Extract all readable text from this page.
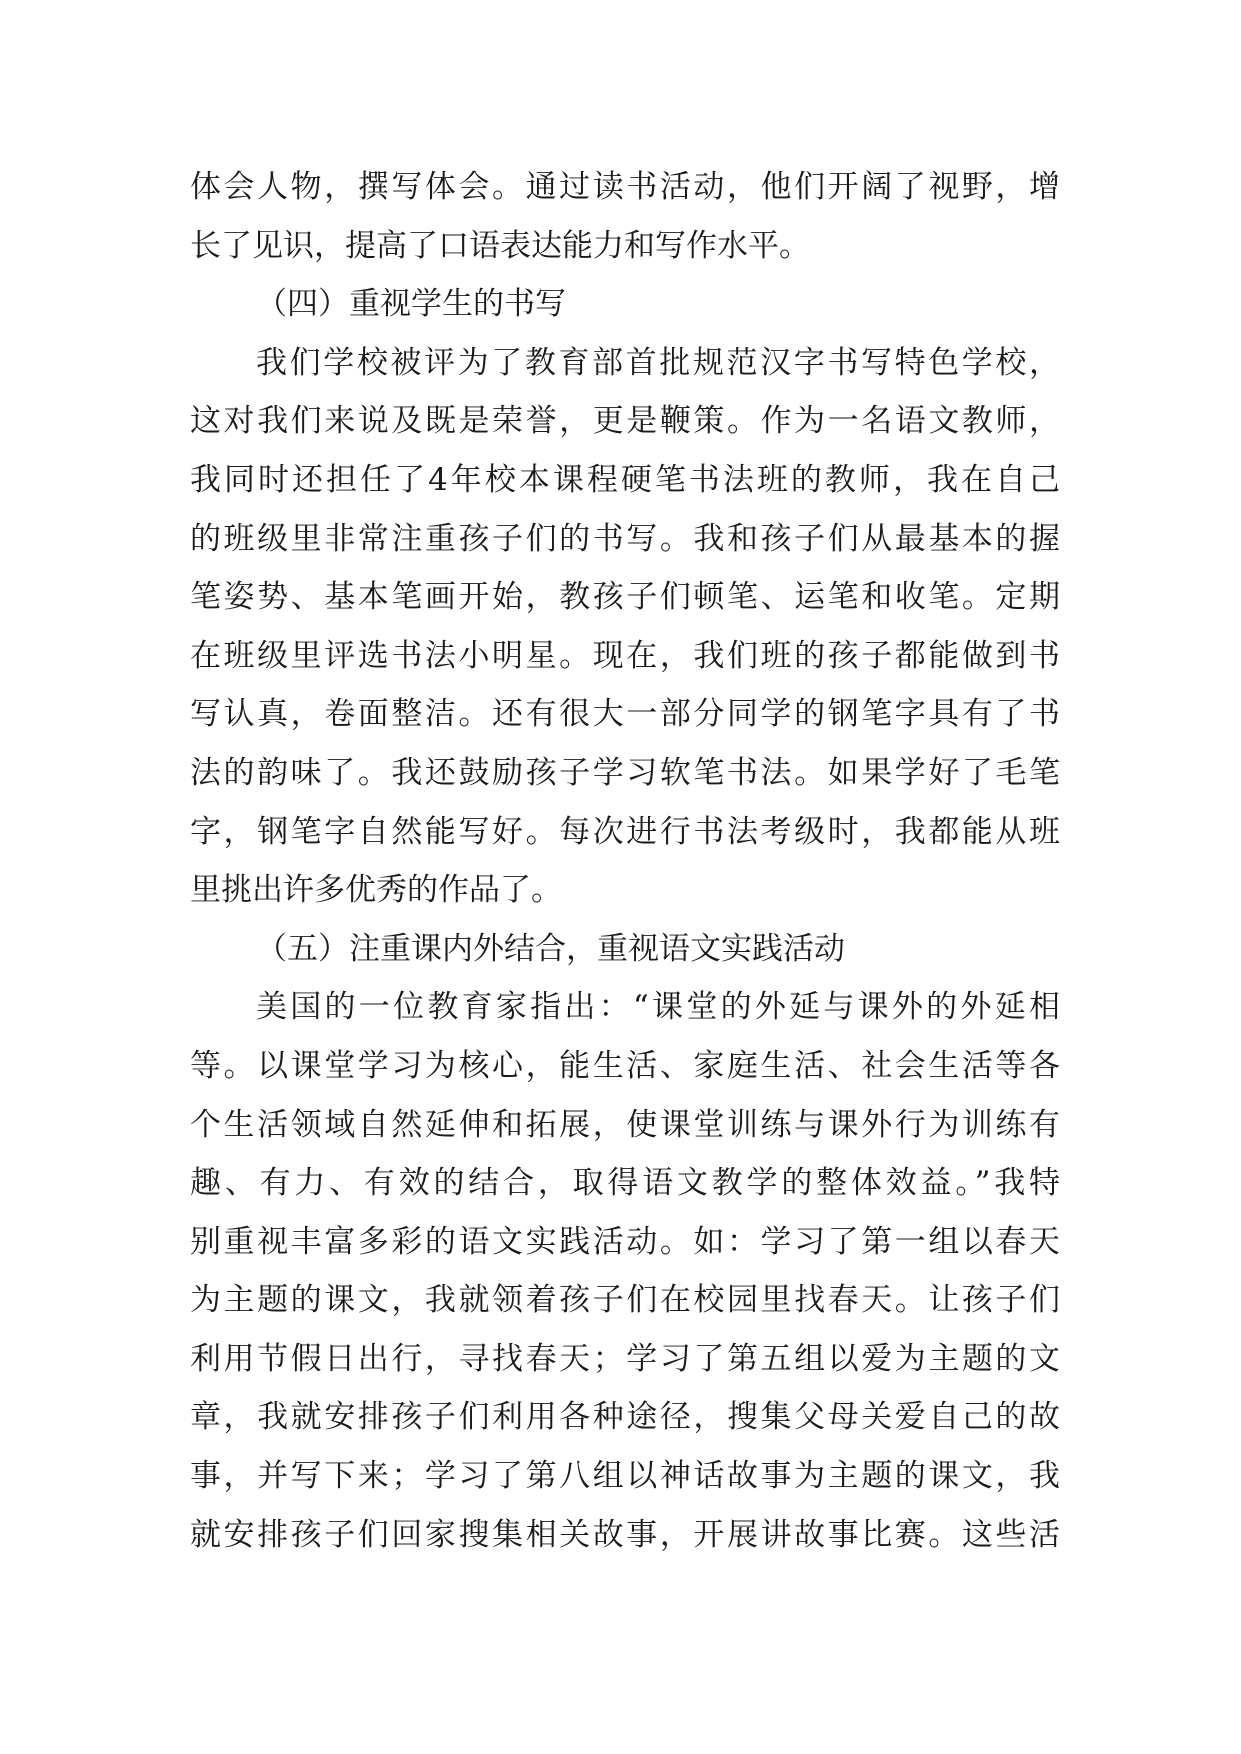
体会人物，撰写体会。通过读书活动，他们开阔了视野，增
长了见识，提高了口语表达能力和写作水平。
（四）重视学生的书写
我们学校被评为了教育部首批规范汉字书写特色学校，
这对我们来说及既是荣誉，更是鞭策。作为一名语文教师，
我同时还担任了4年校本课程硬笔书法班的教师，我在自己
的班级里非常注重孩子们的书写。我和孩子们从最基本的握
笔姿势、基本笔画开始，教孩子们顿笔、运笔和收笔。定期
在班级里评选书法小明星。现在，我们班的孩子都能做到书
写认真，卷面整洁。还有很大一部分同学的钢笔字具有了书
法的韵味了。我还鼓励孩子学习软笔书法。如果学好了毛笔
字，钢笔字自然能写好。每次进行书法考级时，我都能从班
里挑出许多优秀的作品了。
（五）注重课内外结合，重视语文实践活动
美国的一位教育家指出：“课堂的外延与课外的外延相
等。以课堂学习为核心，能生活、家庭生活、社会生活等各
个生活领域自然延伸和拓展，使课堂训练与课外行为训练有
趣、有力、有效的结合，取得语文教学的整体效益。”我特
别重视丰富多彩的语文实践活动。如：学习了第一组以春天
为主题的课文，我就领着孩子们在校园里找春天。让孩子们
利用节假日出行，寻找春天；学习了第五组以爱为主题的文
章，我就安排孩子们利用各种途径，搜集父母关爱自己的故
事，并写下来；学习了第八组以神话故事为主题的课文，我
就安排孩子们回家搜集相关故事，开展讲故事比赛。这些活
